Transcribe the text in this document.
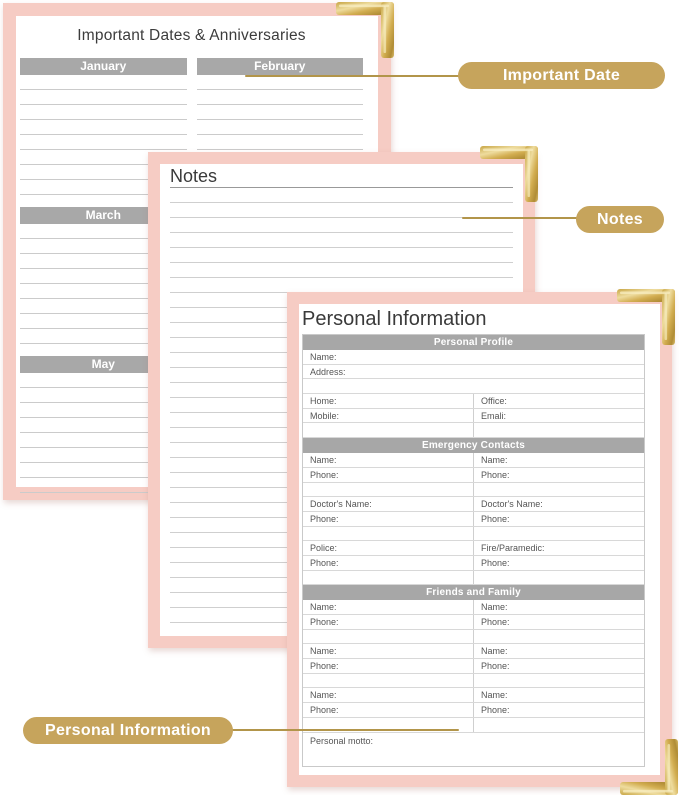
Important Dates & Anniversaries
January	February
March
May
Notes
Personal Information
Personal Profile
Name:
Address:
Home:	Office:
Mobile:	Emali:
Emergency Contacts
Name:	Name:
Phone:	Phone:
Doctor's Name:	Doctor's Name:
Phone:	Phone:
Police:	Fire/Paramedic:
Phone:	Phone:
Friends and Family
Name:	Name:
Phone:	Phone:
Name:	Name:
Phone:	Phone:
Name:	Name:
Phone:	Phone:
Personal motto:
Important Date
Notes
Personal Information
